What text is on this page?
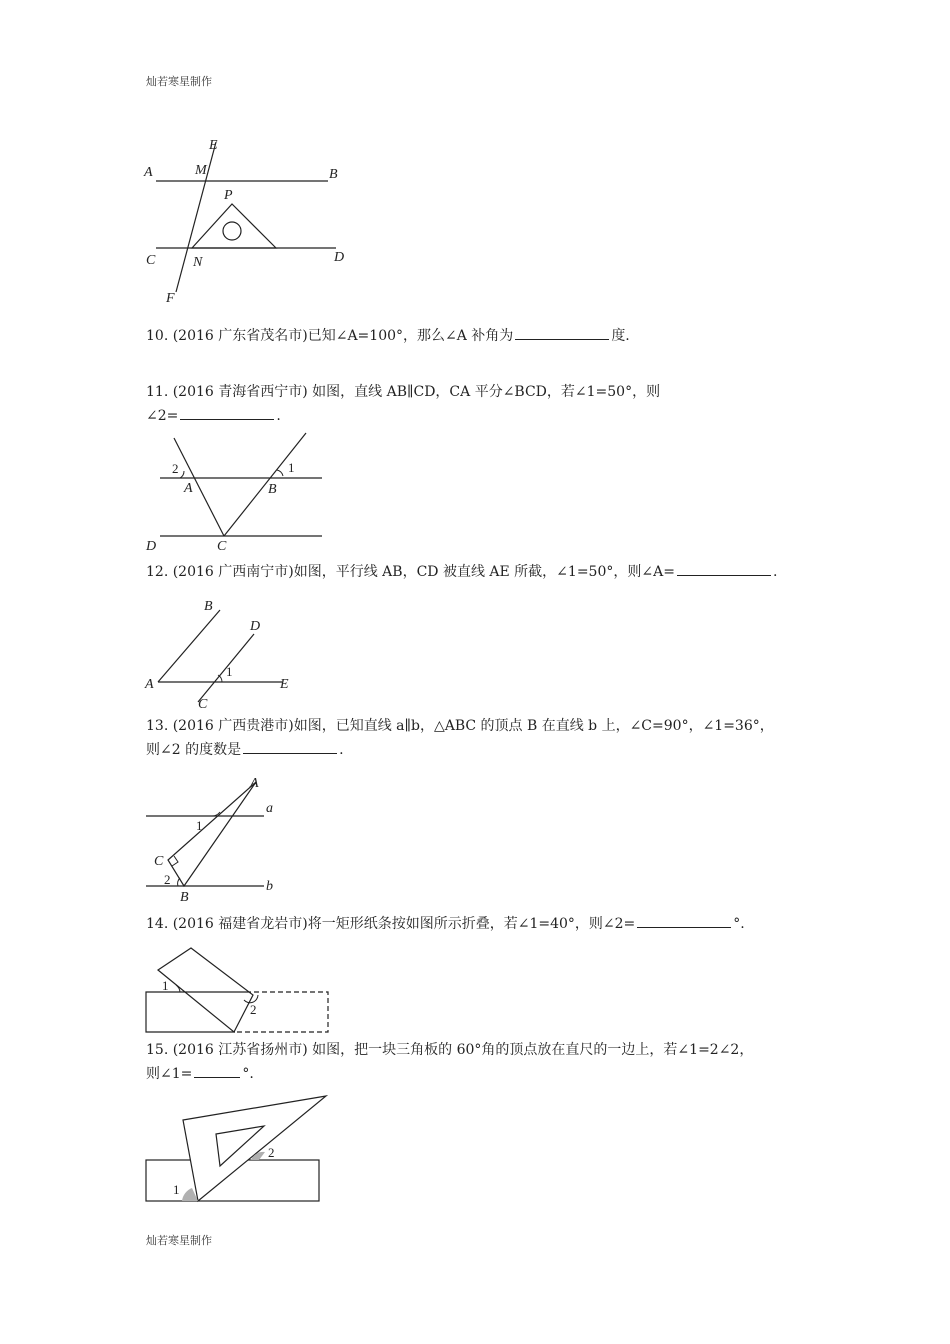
灿若寒星制作
E
A	M	B
P
C	N	D
F
10. (2016 广东省茂名市)已知∠A=100°，那么∠A 补角为	度.
11. (2016 青海省西宁市) 如图，直线 AB∥CD，CA 平分∠BCD，若∠1=50°，则
∠2=	.
2	1
A	B
D	C
12. (2016 广西南宁市)如图，平行线 AB，CD 被直线 AE 所截，∠1=50°，则∠A=	.
B
D
1
A	E
C
13. (2016 广西贵港市)如图，已知直线 a∥b，△ABC 的顶点 B 在直线 b 上，∠C=90°，∠1=36°，
则∠2 的度数是	.
A
a
1
C
2	b
B
14. (2016 福建省龙岩市)将一矩形纸条按如图所示折叠，若∠1=40°，则∠2=	°.
1
2
15. (2016 江苏省扬州市) 如图，把一块三角板的 60°角的顶点放在直尺的一边上，若∠1=2∠2，
则∠1=	°.
2
1
灿若寒星制作
